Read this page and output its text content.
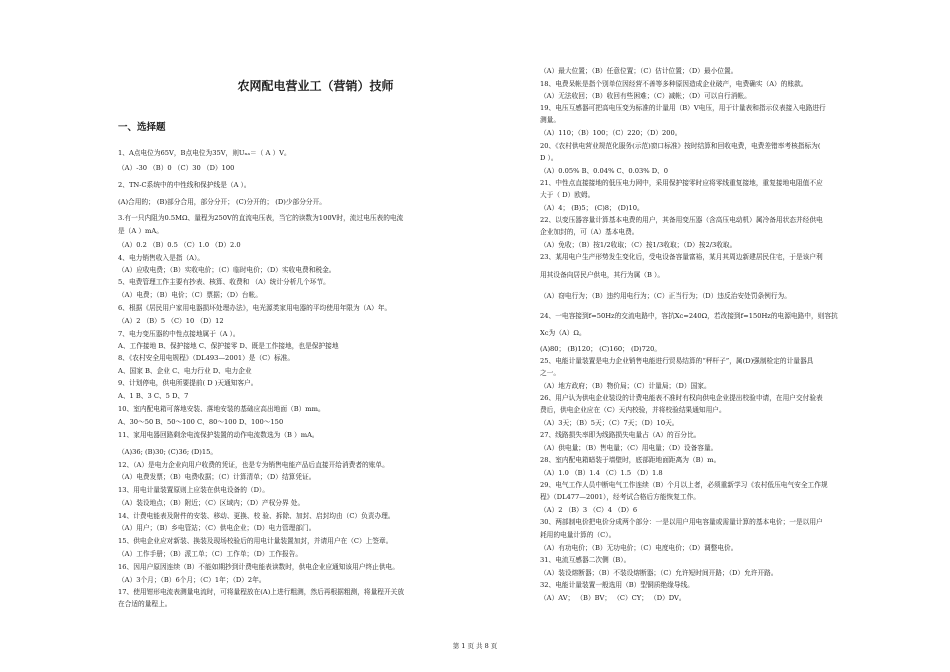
农网配电营业工（营销）技师
一、选择题
1、A点电位为65V，B点电位为35V，则Uₙₐ＝（ A ）V。
（A）-30 （B）0 （C）30 （D）100
2、TN-C系统中的中性线和保护线是（A ）。
(A)合用的； (B)部分合用，部分分开； (C)分开的； (D)少部分分开。
3.有一只内阻为0.5MΩ、量程为250V的直流电压表，当它的读数为100V时，流过电压表的电流
是（A ）mA。
（A）0.2 （B）0.5 （C）1.0 （D）2.0
4、电力销售收入是指（A）。
（A）应收电费；（B）实收电价；（C）临时电价；（D）实收电费和税金。
5、电费管理工作主要有抄表、核算、收费和 （A）统计分析几个环节。
（A）电费；（B）电价；（C）票据；（D）台帐。
6、根据《居民用户家用电器损坏处理办法》，电光源类家用电器的平均使用年限为（A）年。
（A）2 （B）5 （C）10 （D）12
7、电力变压器的中性点接地属于（A ）。
A、工作接地 B、保护接地 C、保护接零 D、既是工作接地，也是保护接地
8、《农村安全用电规程》（DL493—2001）是（C）标准。
A、国家 B、企业 C、电力行业 D、电力企业
9、计划停电，供电所要提前( D )天通知客户。
A、1 B、3 C、5 D、7
10、室内配电箱可落地安装、落地安装的基础应高出地面（B）mm。
A、30～50 B、50～100 C、80～100 D、100～150
11、家用电器回路剩余电流保护装置的动作电流数选为（B ）mA。
（A)36; (B)30; (C)36; (D)15。
12、（A）是电力企业向用户收费的凭证，也是专为销售电能产品后直接开给消费者的账单。
（A）电费发票；（B）电费收据；（C）计算清单；（D）结算凭证。
13、用电计量装置原则上应装在供电设备的（D）。
（A）装设地点；（B）附近；（C）区域内；（D）产权分界 处。
14、计费电能表及附件的安装、移动、更换、校 验、拆除、加封、启封均由（C）负责办理。
（A）用户；（B）乡电管站；（C）供电企业；（D）电力管理部门。
15、供电企业应对新装、换装及现场校验后的用电计量装置加封，并请用户在（C）上签章。
（A）工作手册；（B）派工单；（C）工作单；（D）工作报告。
16、因用户原因连续（B）不能如期抄到计费电能表读数时，供电企业应通知该用户终止供电。
（A）3个月；（B）6个月；（C）1年；（D）2年。
17、使用钳形电流表测量电流时，可将量程放在(A)上进行粗测，然后再根据粗测，将量程开关放
在合适的量程上。
（A）最大位置；（B）任意位置；（C）估计位置；（D）最小位置。
18、电费呆帐是指个别单位因经营不善等多种原因造成企业破产，电费确实（A）的账款。
（A）无法收回；（B）收回有些困难；（C）减帐；（D）可以自行消帐。
19、电压互感器可把高电压变为标准的计量用（B）V电压，用于计量表和指示仪表接入电路进行
测量。
（A）110；（B）100；（C）220；（D）200。
20、《农村供电营业规范化服务(示范)窗口标准》按时结算和回收电费，电费差错率考核指标为(
D ）。
（A）0.05% B、0.04% C、0.03% D、0
21、中性点直接接地的低压电力网中，采用保护接零时应将零线重复接地，重复接地电阻值不应
大于（ D）欧姆。
（A）4； (B)5； (C)8； (D)10。
22、以变压器容量计算基本电费的用户，其备用变压器（含高压电动机）属冷备用状态并经供电
企业加封的，可（A）基本电费。
（A）免收；（B）按1/2收取；（C）按1/3收取；（D）按2/3收取。
23、某用电户生产形势发生变化后，受电设备容量富裕，某月其周边新建居民住宅，于是该户利
用其设备向居民户供电，其行为属（B ）。
（A）窃电行为；（B）违约用电行为；（C）正当行为；（D）违反治安处罚条例行为。
24、一电容接到f=50Hz的交流电路中，容抗Xᴄ=240Ω，若改接到f=150Hz的电源电路中，则容抗
Xᴄ为（A）Ω。
(A)80； (B)120； (C)160； (D)720。
25、电能计量装置是电力企业销售电能进行贸易结算的“秤杆子”，属(D)强制检定的计量器具
之一。
（A）地方政府；（B）物价局；（C）计量局；（D）国家。
26、用户认为供电企业装设的计费电能表不准时有权向供电企业提出校验申请，在用户交付验表
费后，供电企业应在（C）天内校验，并将校验结果通知用户。
（A）3天；（B）5天；（C）7天；（D）10天。
27、线路损失率即为线路损失电量占（A）的百分比。
（A）供电量；（B）售电量；（C）用电量；（D）设备容量。
28、室内配电箱暗装于墙壁时，底部距地面距离为（B）m。
（A）1.0 （B）1.4 （C）1.5 （D）1.8
29、电气工作人员中断电气工作连续（B）个月以上者，必须重新学习《农村低压电气安全工作规
程》（DL477—2001），经考试合格后方能恢复工作。
（A）2 （B）3 （C）4 （D）6
30、两部制电价把电价分成两个部分：一是以用户用电容量或需量计算的基本电价；一是以用户
耗用的电量计算的（C）。
（A）有功电价；（B）无功电价；（C）电度电价；（D）调整电价。
31、电流互感器二次侧（B）。
（A）装设熔断器；（B）不装设熔断器；（C）允许短时间开路；（D）允许开路。
32、电能计量装置一般选用（B）型铜质绝缘导线。
（A）AV； （B）BV； （C）CY； （D）DV。
第 1 页 共 8 页
